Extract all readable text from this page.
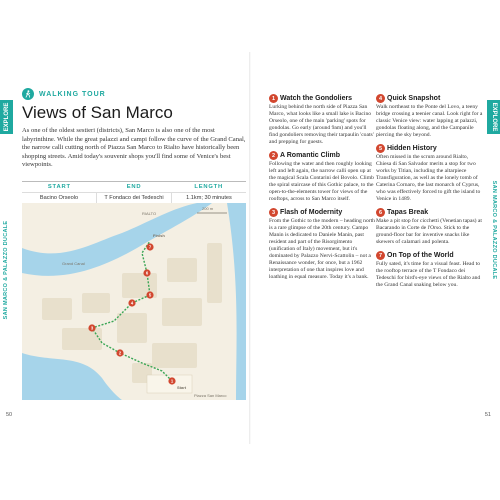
EXPLORE	EXPLORE
SAN MARCO & PALAZZO DUCALE	SAN MARCO & PALAZZO DUCALE
50	51
WALKING TOUR
Views of San Marco

As one of the oldest sestieri (districts), San Marco is also one of the most labyrinthine. While the great palazzi and campi follow the curve of the Grand Canal, the narrow calli cutting north of Piazza San Marco to Rialto have historically been shopping streets. Amid today's souvenir shops you'll find some of Venice's best viewpoints.

START	END	LENGTH
Bacino Orseolo	T Fondaco dei Tedeschi	1.1km; 30 minutes
RIALTO
Grand Canal
Finish
Start
Piazza San Marco
200 m
1
2
3
4
5
6
7
1 Watch the Gondoliers

Lurking behind the north side of Piazza San Marco, what looks like a small lake is Bacino Orseolo, one of the main 'parking' spots for gondolas. Go early (around 9am) and you'll find gondoliers removing their tarpaulin 'coats' and prepping for guests.

2 A Romantic Climb

Following the water and then roughly looking left and left again, the narrow calli open up at the magical Scala Contarini del Bovolo. Climb the spiral staircase of this Gothic palace, to the open-to-the-elements tower for views of the rooftops, across to San Marco itself.

3 Flash of Modernity

From the Gothic to the modern – heading north is a rare glimpse of the 20th century. Campo Manin is dedicated to Daniele Manin, past resident and part of the Risorgimento (unification of Italy) movement, but it's dominated by Palazzo Nervi-Scattolin – not a Renaissance wonder, for once, but a 1962 interpretation of one that inspires love and loathing in equal measure. Today it's a bank.

4 Quick Snapshot

Walk northeast to the Ponte del Lovo, a teeny bridge crossing a teenier canal. Look right for a classic Venice view: water lapping at palazzi, gondolas floating along, and the Campanile piercing the sky beyond.

5 Hidden History

Often missed in the scrum around Rialto, Chiesa di San Salvador merits a stop for two works by Titian, including the altarpiece Transfiguration, as well as the lonely tomb of Caterina Cornaro, the last monarch of Cyprus, who was effectively forced to gift the island to Venice in 1489.

6 Tapas Break

Make a pit stop for cicchetti (Venetian tapas) at Bacarando in Corte de l'Orso. Stick to the ground-floor bar for inventive snacks like skewers of calamari and polenta.

7 On Top of the World

Fully sated, it's time for a visual feast. Head to the rooftop terrace of the T Fondaco dei Tedeschi for bird's-eye views of the Rialto and the Grand Canal snaking below you.
